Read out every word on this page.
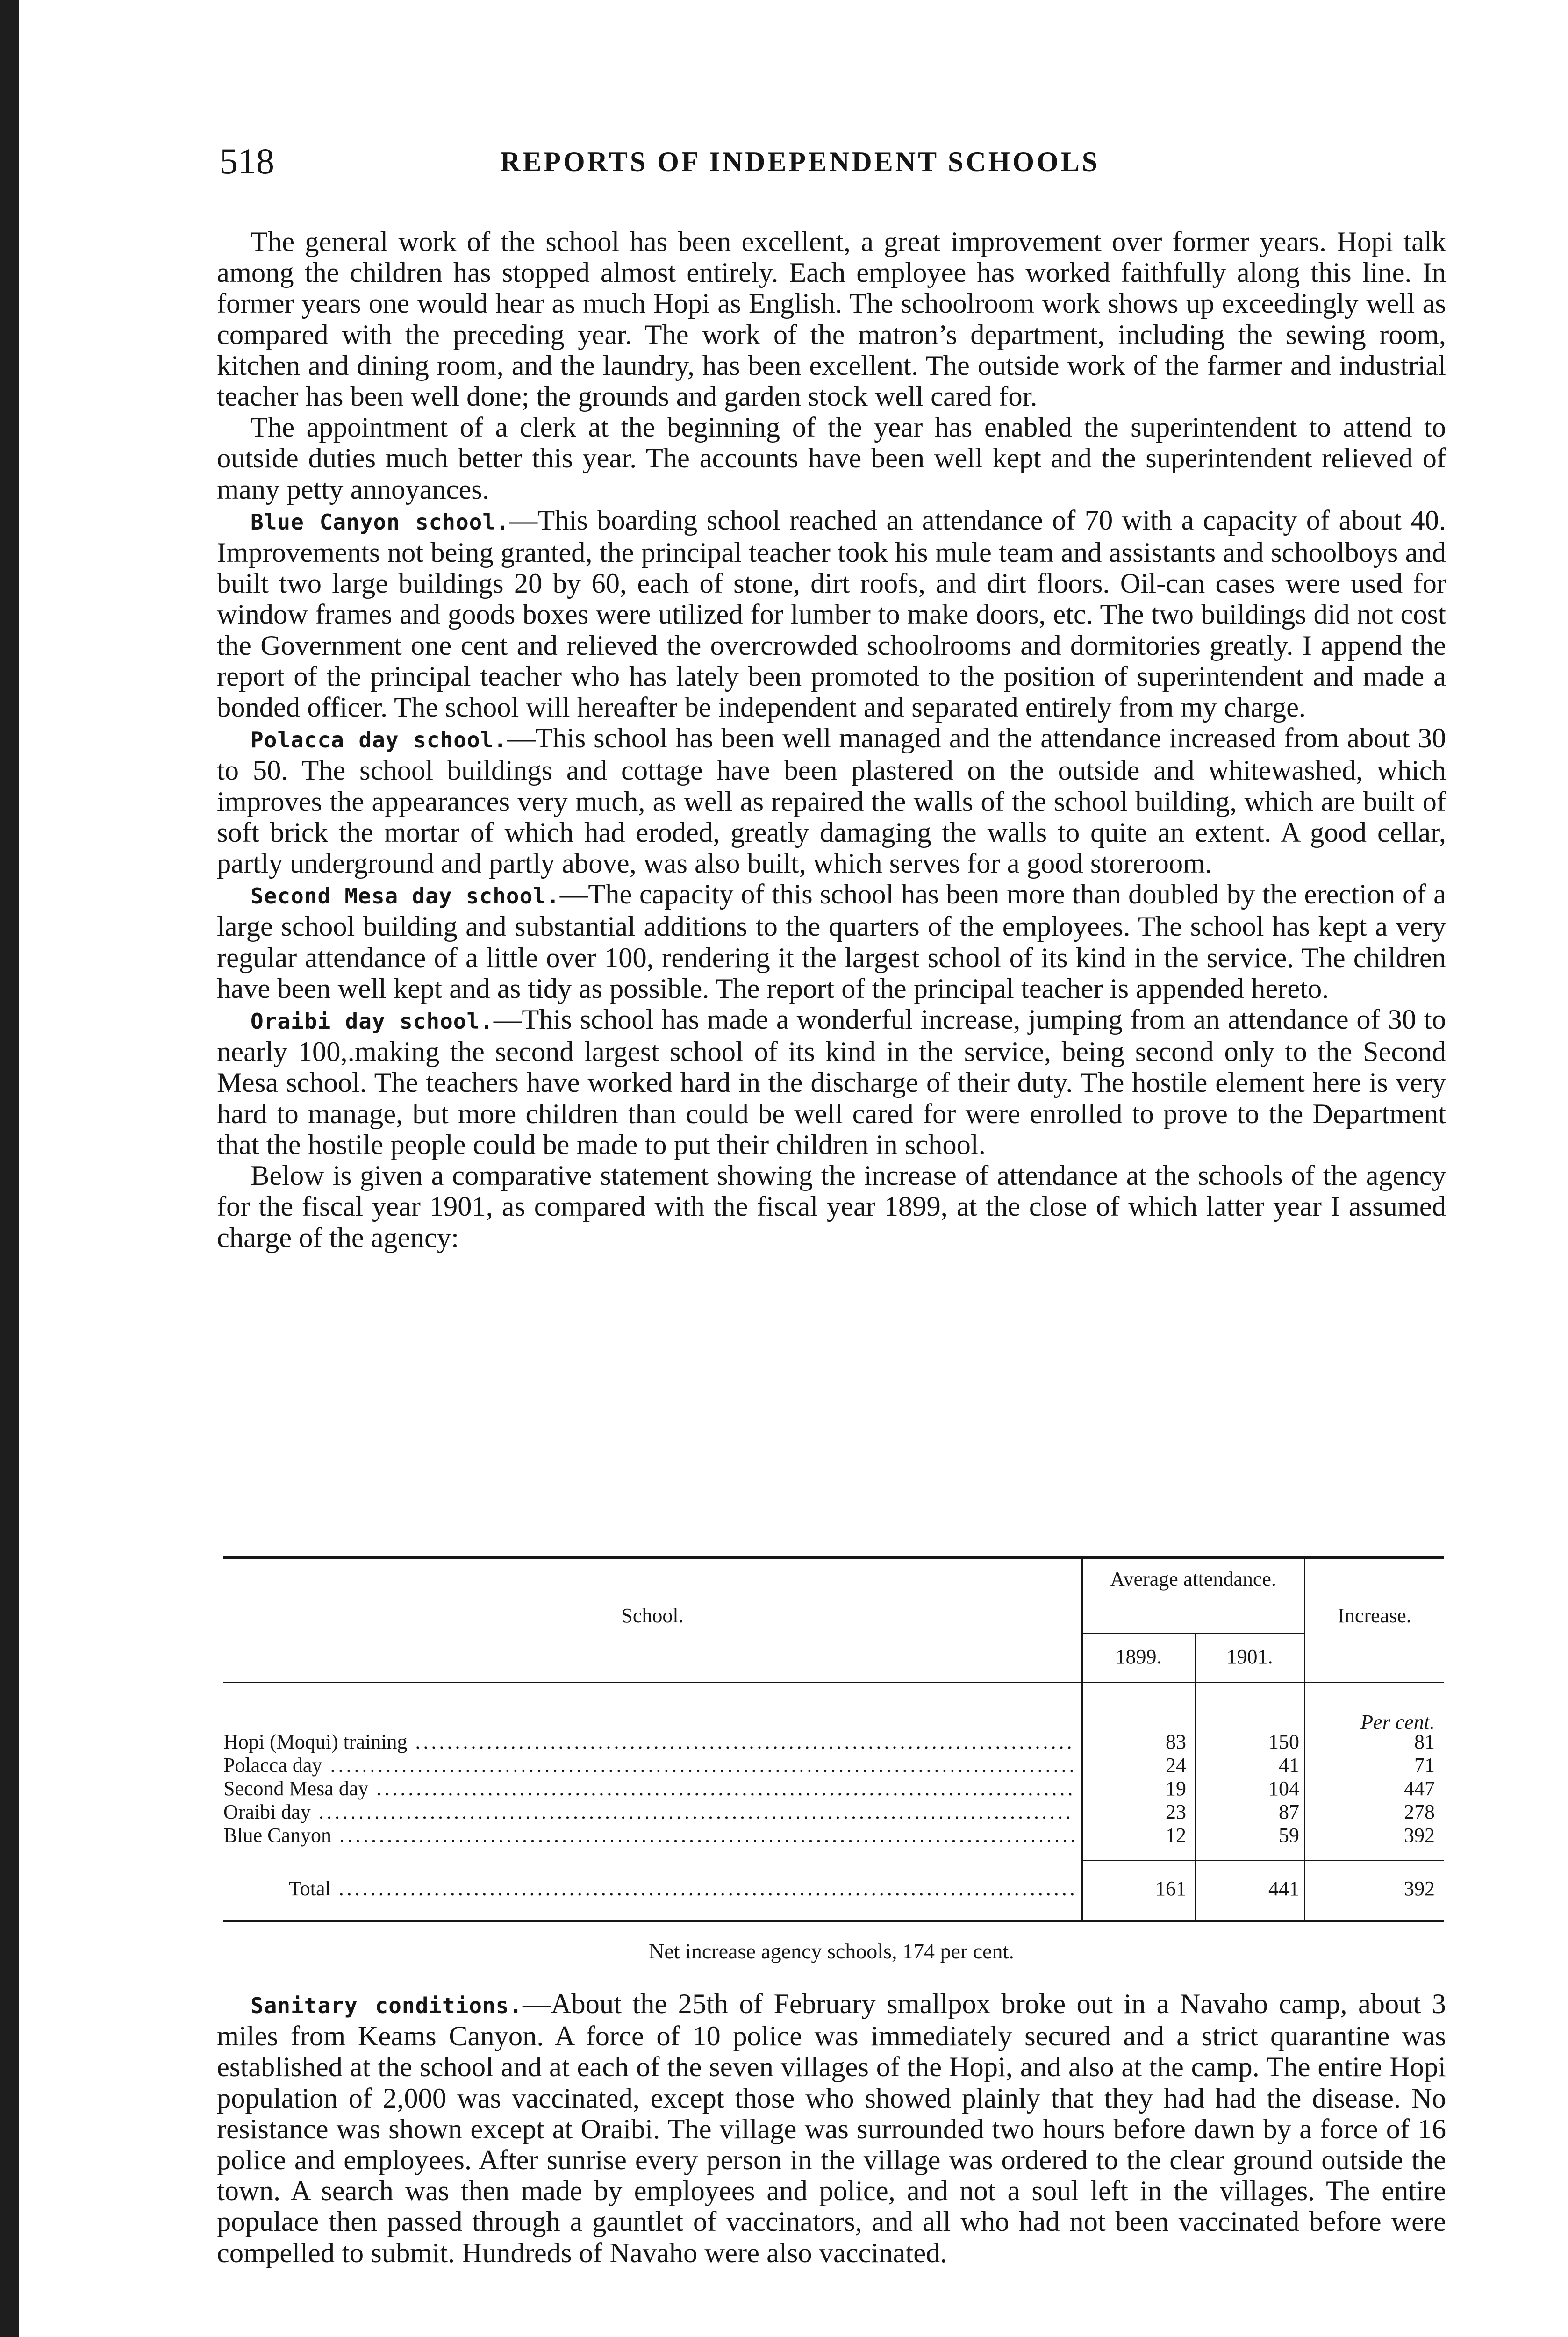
518	REPORTS OF INDEPENDENT SCHOOLS

The general work of the school has been excellent, a great improvement over former years. Hopi talk among the children has stopped almost entirely. Each employee has worked faithfully along this line. In former years one would hear as much Hopi as English. The schoolroom work shows up exceedingly well as compared with the preceding year. The work of the matron’s department, including the sewing room, kitchen and dining room, and the laundry, has been excellent. The outside work of the farmer and industrial teacher has been well done; the grounds and garden stock well cared for.

The appointment of a clerk at the beginning of the year has enabled the superintendent to attend to outside duties much better this year. The accounts have been well kept and the superintendent relieved of many petty annoyances.

Blue Canyon school.—This boarding school reached an attendance of 70 with a capacity of about 40. Improvements not being granted, the principal teacher took his mule team and assistants and schoolboys and built two large buildings 20 by 60, each of stone, dirt roofs, and dirt floors. Oil-can cases were used for window frames and goods boxes were utilized for lumber to make doors, etc. The two buildings did not cost the Government one cent and relieved the overcrowded schoolrooms and dormitories greatly. I append the report of the principal teacher who has lately been promoted to the position of superintendent and made a bonded officer. The school will hereafter be independent and separated entirely from my charge.

Polacca day school.—This school has been well managed and the attendance increased from about 30 to 50. The school buildings and cottage have been plastered on the outside and whitewashed, which improves the appearances very much, as well as repaired the walls of the school building, which are built of soft brick the mortar of which had eroded, greatly damaging the walls to quite an extent. A good cellar, partly underground and partly above, was also built, which serves for a good storeroom.

Second Mesa day school.—The capacity of this school has been more than doubled by the erection of a large school building and substantial additions to the quarters of the employees. The school has kept a very regular attendance of a little over 100, rendering it the largest school of its kind in the service. The children have been well kept and as tidy as possible. The report of the principal teacher is appended hereto.

Oraibi day school.—This school has made a wonderful increase, jumping from an attendance of 30 to nearly 100,.making the second largest school of its kind in the service, being second only to the Second Mesa school. The teachers have worked hard in the discharge of their duty. The hostile element here is very hard to manage, but more children than could be well cared for were enrolled to prove to the Department that the hostile people could be made to put their children in school.

Below is given a comparative statement showing the increase of attendance at the schools of the agency for the fiscal year 1901, as compared with the fiscal year 1899, at the close of which latter year I assumed charge of the agency:

School.
Average attendance.
1899.	1901.
Increase.
Per cent.
Hopi (Moqui) training .....	83	150	81
Polacca day .....	24	41	71
Second Mesa day .....	19	104	447
Oraibi day .....	23	87	278
Blue Canyon .....	12	59	392
Total .....	161	441	392
Net increase agency schools, 174 per cent.

Sanitary conditions.—About the 25th of February smallpox broke out in a Navaho camp, about 3 miles from Keams Canyon. A force of 10 police was immediately secured and a strict quarantine was established at the school and at each of the seven villages of the Hopi, and also at the camp. The entire Hopi population of 2,000 was vaccinated, except those who showed plainly that they had had the disease. No resistance was shown except at Oraibi. The village was surrounded two hours before dawn by a force of 16 police and employees. After sunrise every person in the village was ordered to the clear ground outside the town. A search was then made by employees and police, and not a soul left in the villages. The entire populace then passed through a gauntlet of vaccinators, and all who had not been vaccinated before were compelled to submit. Hundreds of Navaho were also vaccinated.
